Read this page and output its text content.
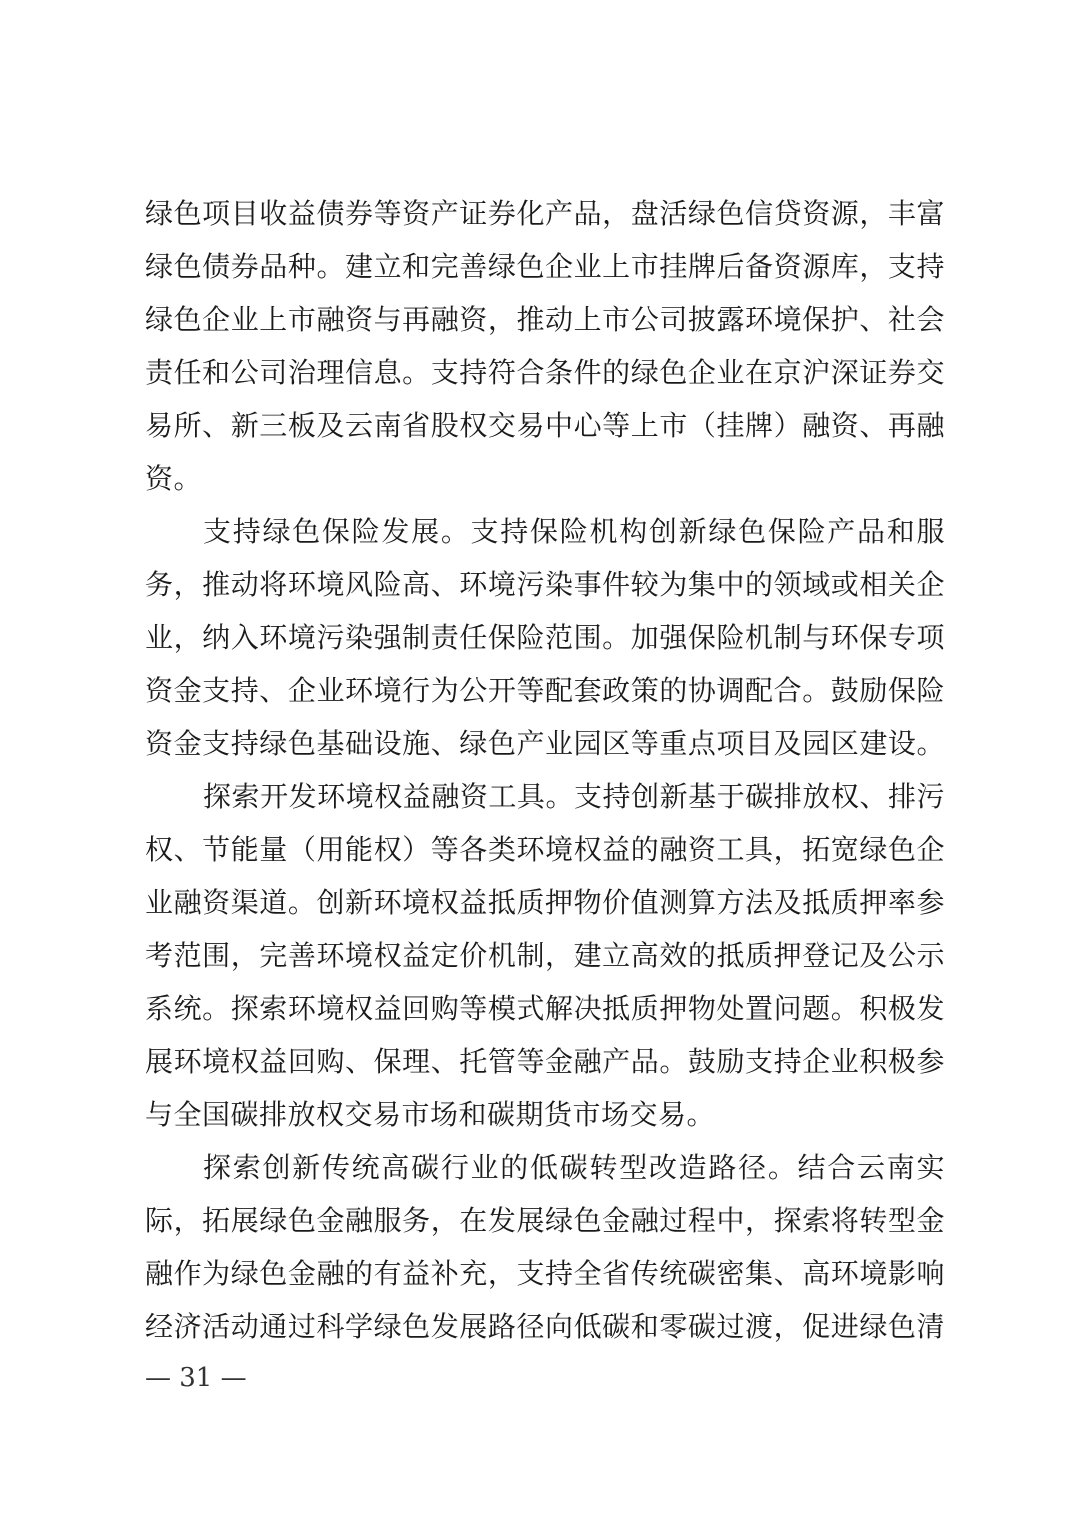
绿色项目收益债券等资产证券化产品，盘活绿色信贷资源，丰富
绿色债券品种。建立和完善绿色企业上市挂牌后备资源库，支持
绿色企业上市融资与再融资，推动上市公司披露环境保护、社会
责任和公司治理信息。支持符合条件的绿色企业在京沪深证券交
易所、新三板及云南省股权交易中心等上市（挂牌）融资、再融
资。
支持绿色保险发展。支持保险机构创新绿色保险产品和服
务，推动将环境风险高、环境污染事件较为集中的领域或相关企
业，纳入环境污染强制责任保险范围。加强保险机制与环保专项
资金支持、企业环境行为公开等配套政策的协调配合。鼓励保险
资金支持绿色基础设施、绿色产业园区等重点项目及园区建设。
探索开发环境权益融资工具。支持创新基于碳排放权、排污
权、节能量（用能权）等各类环境权益的融资工具，拓宽绿色企
业融资渠道。创新环境权益抵质押物价值测算方法及抵质押率参
考范围，完善环境权益定价机制，建立高效的抵质押登记及公示
系统。探索环境权益回购等模式解决抵质押物处置问题。积极发
展环境权益回购、保理、托管等金融产品。鼓励支持企业积极参
与全国碳排放权交易市场和碳期货市场交易。
探索创新传统高碳行业的低碳转型改造路径。结合云南实
际，拓展绿色金融服务，在发展绿色金融过程中，探索将转型金
融作为绿色金融的有益补充，支持全省传统碳密集、高环境影响
经济活动通过科学绿色发展路径向低碳和零碳过渡，促进绿色清
— 31 —
